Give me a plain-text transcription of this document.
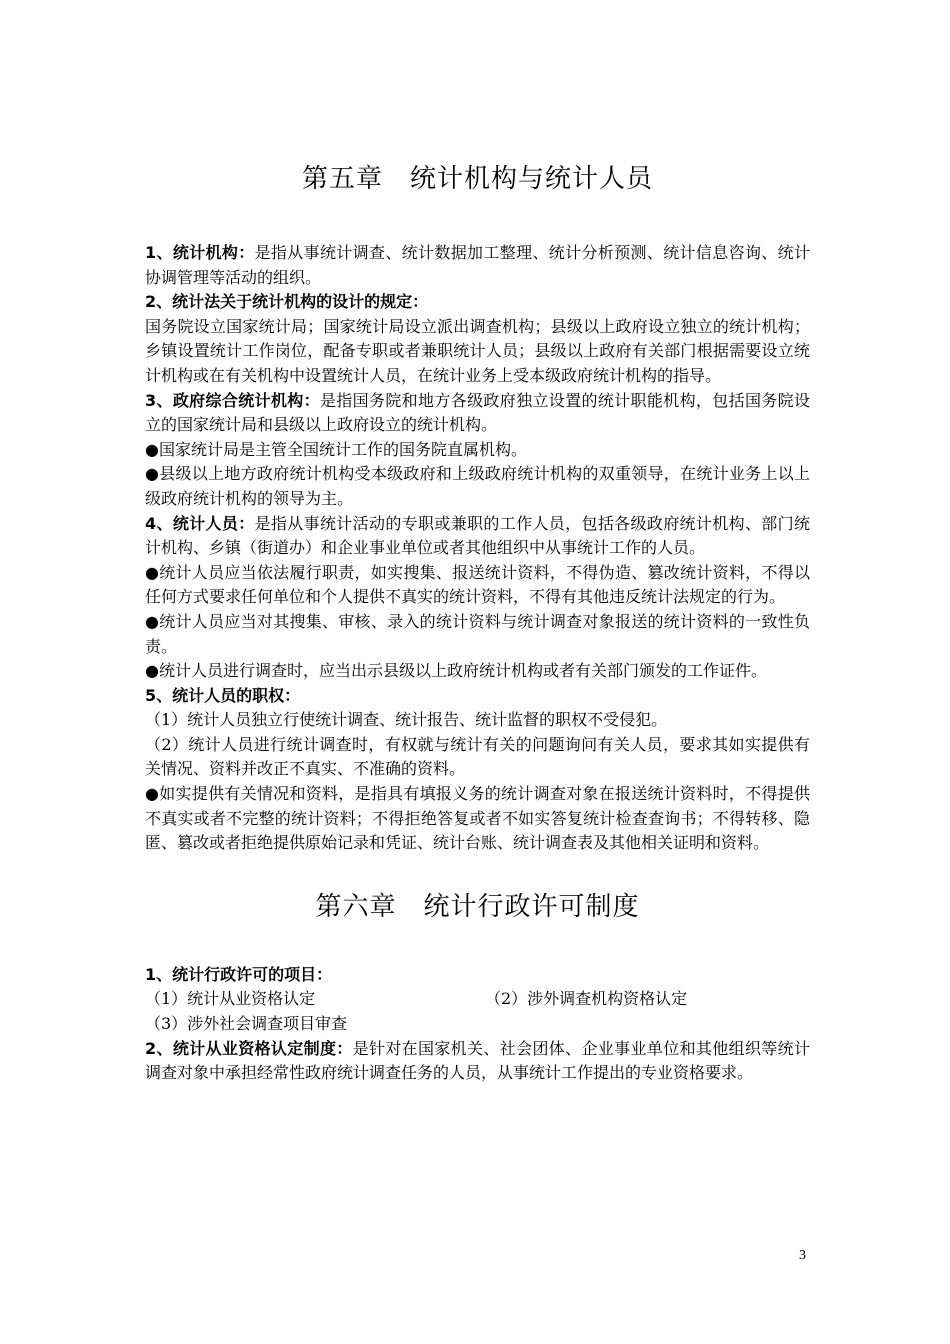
第五章　统计机构与统计人员

1、统计机构：是指从事统计调查、统计数据加工整理、统计分析预测、统计信息咨询、统计协调管理等活动的组织。

2、统计法关于统计机构的设计的规定：

国务院设立国家统计局；国家统计局设立派出调查机构；县级以上政府设立独立的统计机构；乡镇设置统计工作岗位，配备专职或者兼职统计人员；县级以上政府有关部门根据需要设立统计机构或在有关机构中设置统计人员，在统计业务上受本级政府统计机构的指导。

3、政府综合统计机构：是指国务院和地方各级政府独立设置的统计职能机构，包括国务院设立的国家统计局和县级以上政府设立的统计机构。

●国家统计局是主管全国统计工作的国务院直属机构。

●县级以上地方政府统计机构受本级政府和上级政府统计机构的双重领导，在统计业务上以上级政府统计机构的领导为主。

4、统计人员：是指从事统计活动的专职或兼职的工作人员，包括各级政府统计机构、部门统计机构、乡镇（街道办）和企业事业单位或者其他组织中从事统计工作的人员。

●统计人员应当依法履行职责，如实搜集、报送统计资料，不得伪造、篡改统计资料，不得以任何方式要求任何单位和个人提供不真实的统计资料，不得有其他违反统计法规定的行为。

●统计人员应当对其搜集、审核、录入的统计资料与统计调查对象报送的统计资料的一致性负责。

●统计人员进行调查时，应当出示县级以上政府统计机构或者有关部门颁发的工作证件。

5、统计人员的职权：

（1）统计人员独立行使统计调查、统计报告、统计监督的职权不受侵犯。

（2）统计人员进行统计调查时，有权就与统计有关的问题询问有关人员，要求其如实提供有关情况、资料并改正不真实、不准确的资料。

●如实提供有关情况和资料，是指具有填报义务的统计调查对象在报送统计资料时，不得提供不真实或者不完整的统计资料；不得拒绝答复或者不如实答复统计检查查询书；不得转移、隐匿、篡改或者拒绝提供原始记录和凭证、统计台账、统计调查表及其他相关证明和资料。

第六章　统计行政许可制度

1、统计行政许可的项目：

（1）统计从业资格认定	（2）涉外调查机构资格认定
（3）涉外社会调查项目审查

2、统计从业资格认定制度：是针对在国家机关、社会团体、企业事业单位和其他组织等统计调查对象中承担经常性政府统计调查任务的人员，从事统计工作提出的专业资格要求。

3
